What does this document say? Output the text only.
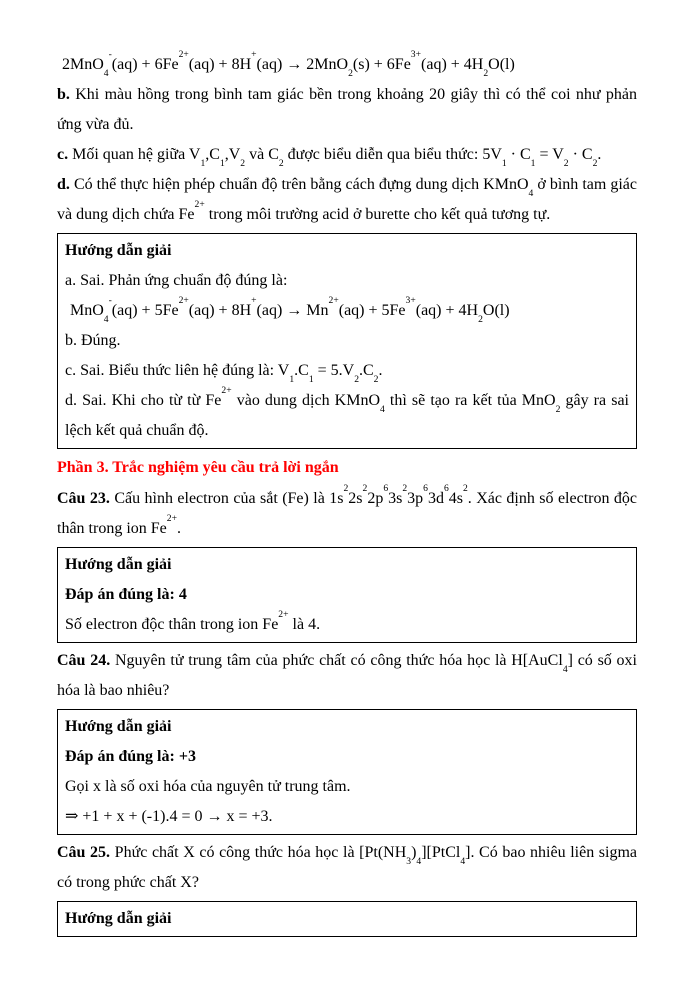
$2MnO_4^-(aq) + 6Fe^{2+}(aq) + 8H^+(aq) \to 2MnO_2(s) + 6Fe^{3+}(aq) + 4H_2O(l)$

b. Khi màu hồng trong bình tam giác bền trong khoảng 20 giây thì có thể coi như phản ứng vừa đủ.

c. Mối quan hệ giữa $V_1,C_1,V_2$ và $C_2$ được biểu diễn qua biểu thức: $5V_1 \cdot C_1 = V_2 \cdot C_2$.

d. Có thể thực hiện phép chuẩn độ trên bằng cách đựng dung dịch KMnO$_4$ ở bình tam giác và dung dịch chứa $Fe^{2+}$ trong môi trường acid ở burette cho kết quả tương tự.

Hướng dẫn giải

a. Sai. Phản ứng chuẩn độ đúng là:

$MnO_4^-(aq) + 5Fe^{2+}(aq) + 8H^+(aq) \to Mn^{2+}(aq) + 5Fe^{3+}(aq) + 4H_2O(l)$

b. Đúng.

c. Sai. Biểu thức liên hệ đúng là: $V_1.C_1 = 5.V_2.C_2$.

d. Sai. Khi cho từ từ $Fe^{2+}$ vào dung dịch KMnO$_4$ thì sẽ tạo ra kết tủa MnO$_2$ gây ra sai lệch kết quả chuẩn độ.

Phần 3. Trắc nghiệm yêu cầu trả lời ngắn

Câu 23. Cấu hình electron của sắt (Fe) là $1s^22s^22p^63s^23p^63d^64s^2$. Xác định số electron độc thân trong ion $Fe^{2+}$.

Hướng dẫn giải

Đáp án đúng là: 4

Số electron độc thân trong ion $Fe^{2+}$ là 4.

Câu 24. Nguyên tử trung tâm của phức chất có công thức hóa học là H[AuCl$_4$] có số oxi hóa là bao nhiêu?

Hướng dẫn giải

Đáp án đúng là: +3

Gọi x là số oxi hóa của nguyên tử trung tâm.

⇒ +1 + x + (-1).4 = 0 → x = +3.

Câu 25. Phức chất X có công thức hóa học là $[Pt(NH_3)_4][PtCl_4]$. Có bao nhiêu liên sigma có trong phức chất X?

Hướng dẫn giải
